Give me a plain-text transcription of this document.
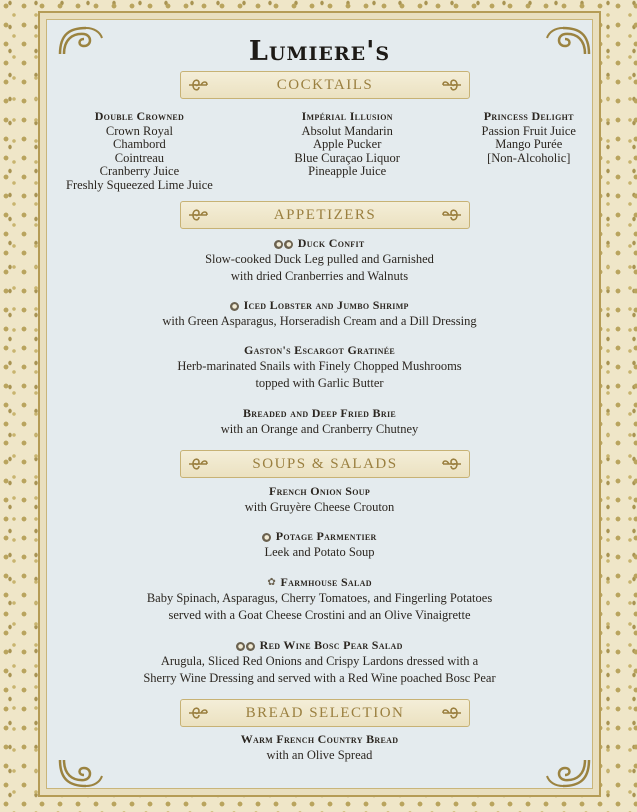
Lumiere's
COCKTAILS
Double Crowned
Crown Royal
Chambord
Cointreau
Cranberry Juice
Freshly Squeezed Lime Juice
Impérial Illusion
Absolut Mandarin
Apple Pucker
Blue Curaçao Liquor
Pineapple Juice
Princess Delight
Passion Fruit Juice
Mango Purée
[Non-Alcoholic]
APPETIZERS
● ● Duck Confit
Slow-cooked Duck Leg pulled and Garnished
with dried Cranberries and Walnuts
● Iced Lobster and Jumbo Shrimp
with Green Asparagus, Horseradish Cream and a Dill Dressing
Gaston's Escargot Gratinée
Herb-marinated Snails with Finely Chopped Mushrooms
topped with Garlic Butter
Breaded and Deep Fried Brie
with an Orange and Cranberry Chutney
SOUPS & SALADS
French Onion Soup
with Gruyère Cheese Crouton
● Potage Parmentier
Leek and Potato Soup
✿ Farmhouse Salad
Baby Spinach, Asparagus, Cherry Tomatoes, and Fingerling Potatoes
served with a Goat Cheese Crostini and an Olive Vinaigrette
● ● Red Wine Bosc Pear Salad
Arugula, Sliced Red Onions and Crispy Lardons dressed with a
Sherry Wine Dressing and served with a Red Wine poached Bosc Pear
BREAD SELECTION
Warm French Country Bread
with an Olive Spread
